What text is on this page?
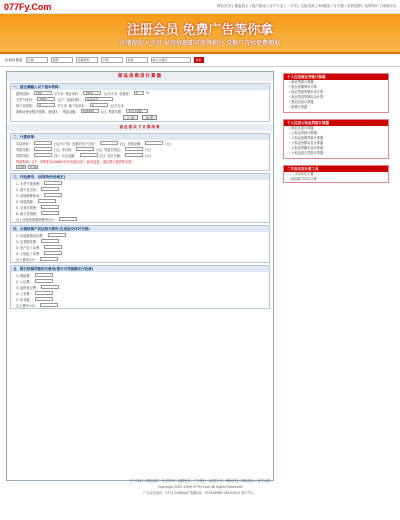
077Fy.Com	网站首页 | 楼盘展示 | 地产新闻 | 房产专业 | 二手房 | 出租房源 | 3D地图 | 写字楼 | 家居装修 | 装修知识 | 律师在线
注册会员 免费广告等你拿
注册经纪人会员 发布信息即可获得积分 兑换广告位免费领取
出租房搜索	区域	类型	房屋类型	户型	价格	输入关键字	搜索
商品房购房计算器
一、请正确输入以下基本资料：
建筑面积：	100	平方米 物业单价：	1500	元/平方米 优惠率：	0	%
天然气单价：	3500	元/户 房屋结构：	多层住宅
地下室面积：	0	平方米 地下室单价：	0	元/平方米
如购房使用银行按揭，请选择： 贷款金额：	100000	(元) 贷款年限：	1年(12期)
计 算	重 置
请查看以下计算结果
二、计算结果：
实际单价：	(元/平方米) 优惠后房子总价：	(元) 优惠金额：	(元)
贷款总额：	(元) 首付款：	(元) 贷款总利息：	(元)
贷款年限：	(年) 月还金额：	(元) 支付总额：	(元)
贷款利率：(注：本利率为2008年10月份执行的，如有变更，请以银行提供的为准)
4.95	5.94
三、代收费用：(国家物价局规定)
1. 天然气集资费：
2. 地下室总价：
3. 房屋维修基金：
4. 房屋契税：
5. 交易手续费：
6. 地下室契税：
以上房屋所需缴纳费用合计：
四、办理按揭产权证相关费用(在房屋交付时交纳)
1. 房屋抵押登记费：
2. 交易服务费：
3. 房产证工本费：
4. 土地证工本费：
以上费用合计：
五、银行按揭贷款相关费用(银行对贷款额实行收费)
1. 保险费：
2. 公证费：
3. 抵押登记费：
4. 工本费：
5. 印花税：
以上费用小计：
个人住房商业贷款计算器
› 商业贷款计算器
› 银行按揭利率计算
› 商业贷款等额本息计算
› 商业贷款等额本金计算
› 提前还款计算器
› 税费计算器
个人住房公积金贷款计算器
› 提前还款计算器
› 公积金贷款计算器
› 公积金按揭贷款计算器
› 公积金等额本息计算器
› 公积金等额本金计算器
› 公积金组合贷款计算器
二手房买卖计算工具
› 二手房评估计算
› 购房能力评估计算
关于我们 - 网站地图 - 免责声明 - 招聘信息 - 广告报价 - 联系方式 - 律师在线 - 网站建设 - 意见反馈
Copyright 2007-2009 077Fy.Com All Rights Reserved
广告业务电话：0771-5096443 客服QQ：375898963 26161913 客户中心：
